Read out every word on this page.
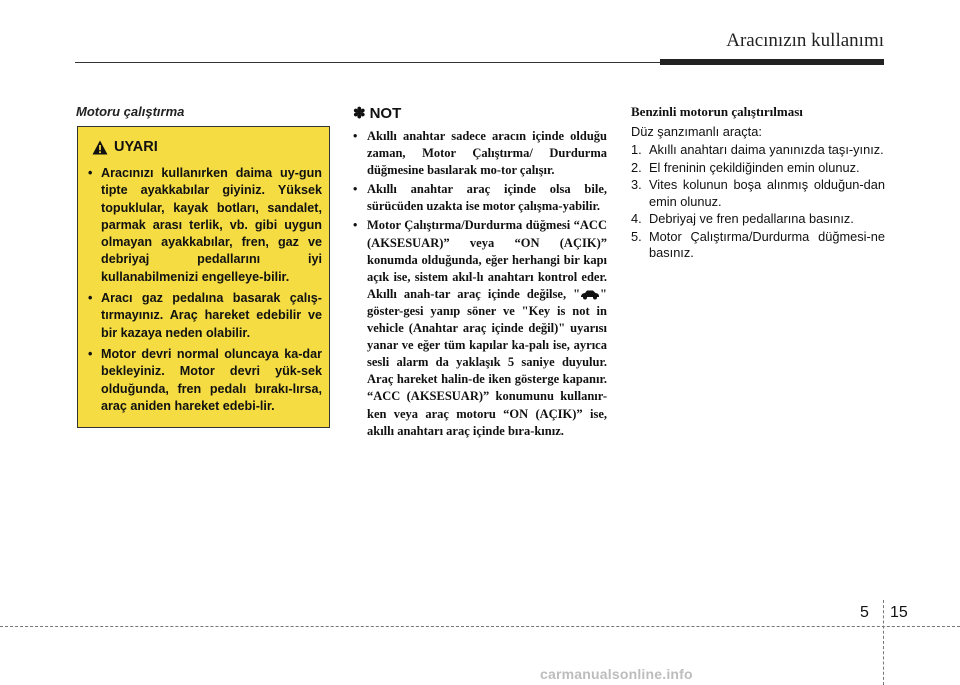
Aracınızın kullanımı
Motoru çalıştırma
UYARI
• Aracınızı kullanırken daima uy-gun tipte ayakkabılar giyiniz. Yüksek topuklular, kayak botları, sandalet, parmak arası terlik, vb. gibi uygun olmayan ayakkabılar, fren, gaz ve debriyaj pedallarını iyi kullanabilmenizi engelleye-bilir.
• Aracı gaz pedalına basarak çalış-tırmayınız. Araç hareket edebilir ve bir kazaya neden olabilir.
• Motor devri normal oluncaya ka-dar bekleyiniz. Motor devri yük-sek olduğunda, fren pedalı bırakı-lırsa, araç aniden hareket edebi-lir.
✽ NOT
• Akıllı anahtar sadece aracın içinde olduğu zaman, Motor Çalıştırma/ Durdurma düğmesine basılarak mo-tor çalışır.
• Akıllı anahtar araç içinde olsa bile, sürücüden uzakta ise motor çalışma-yabilir.
• Motor Çalıştırma/Durdurma düğmesi “ACC (AKSESUAR)” veya “ON (AÇIK)” konumda olduğunda, eğer herhangi bir kapı açık ise, sistem akıl-lı anahtarı kontrol eder. Akıllı anah-tar araç içinde değilse, " " göster-gesi yanıp söner ve "Key is not in vehicle (Anahtar araç içinde değil)" uyarısı yanar ve eğer tüm kapılar ka-palı ise, ayrıca sesli alarm da yaklaşık 5 saniye duyulur. Araç hareket halin-de iken gösterge kapanır. “ACC (AKSESUAR)” konumunu kullanır-ken veya araç motoru “ON (AÇIK)” ise, akıllı anahtarı araç içinde bıra-kınız.
Benzinli motorun çalıştırılması
Düz şanzımanlı araçta:
1. Akıllı anahtarı daima yanınızda taşı-yınız.
2. El freninin çekildiğinden emin olunuz.
3. Vites kolunun boşa alınmış olduğun-dan emin olunuz.
4. Debriyaj ve fren pedallarına basınız.
5. Motor Çalıştırma/Durdurma düğmesi-ne basınız.
5 15
carmanualsonline.info
